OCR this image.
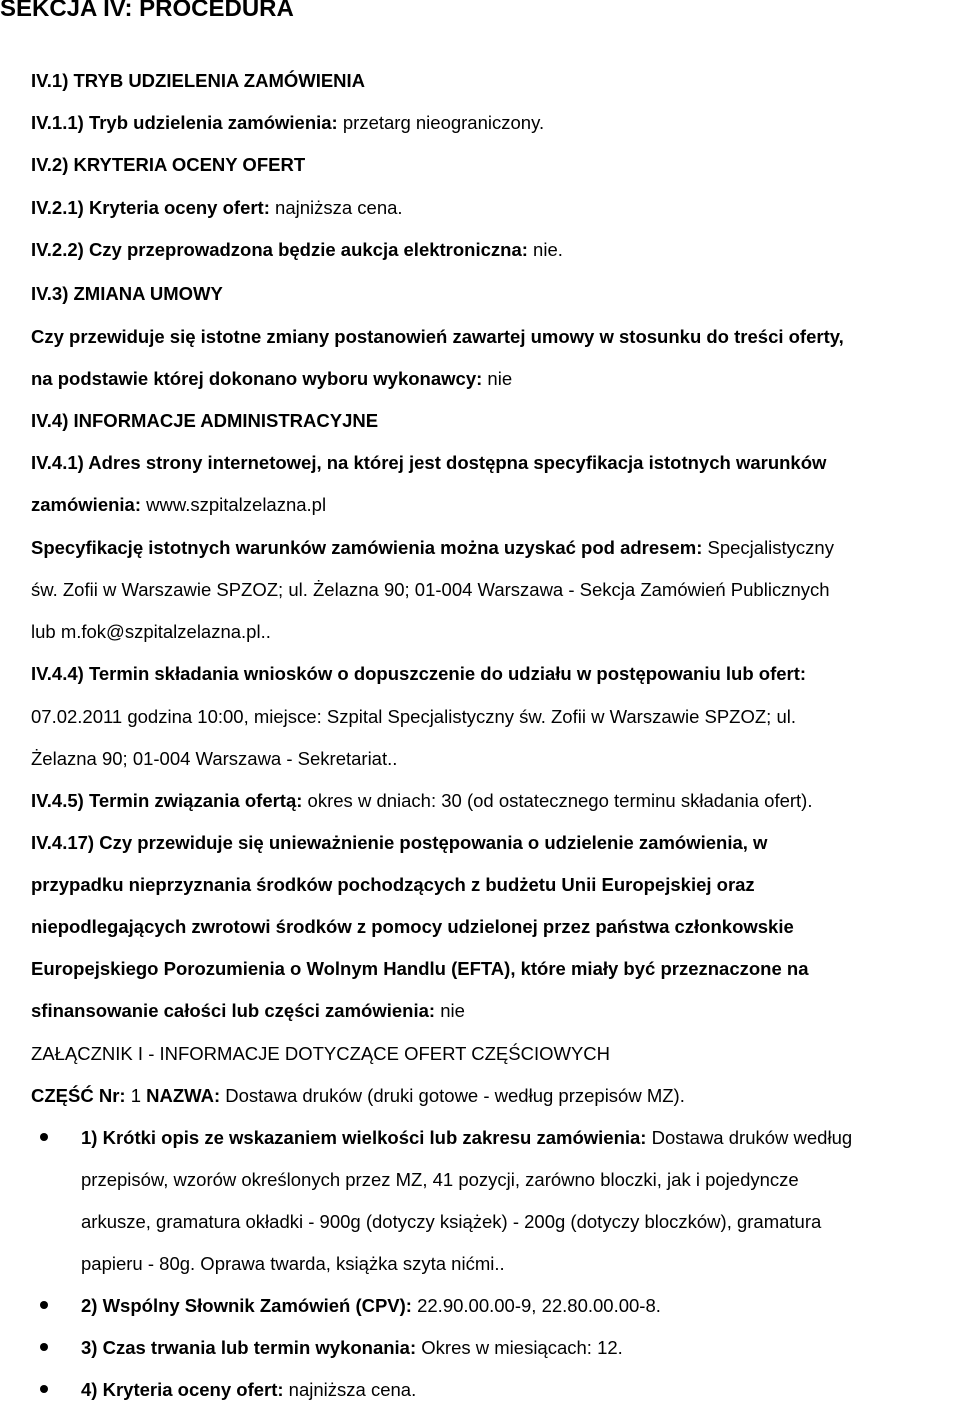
SEKCJA IV: PROCEDURA
IV.1) TRYB UDZIELENIA ZAMÓWIENIA
IV.1.1) Tryb udzielenia zamówienia: przetarg nieograniczony.
IV.2) KRYTERIA OCENY OFERT
IV.2.1) Kryteria oceny ofert: najniższa cena.
IV.2.2) Czy przeprowadzona będzie aukcja elektroniczna: nie.
IV.3) ZMIANA UMOWY
Czy przewiduje się istotne zmiany postanowień zawartej umowy w stosunku do treści oferty,
na podstawie której dokonano wyboru wykonawcy: nie
IV.4) INFORMACJE ADMINISTRACYJNE
IV.4.1) Adres strony internetowej, na której jest dostępna specyfikacja istotnych warunków
zamówienia: www.szpitalzelazna.pl
Specyfikację istotnych warunków zamówienia można uzyskać pod adresem: Specjalistyczny
św. Zofii w Warszawie SPZOZ; ul. Żelazna 90; 01-004 Warszawa - Sekcja Zamówień Publicznych
lub m.fok@szpitalzelazna.pl..
IV.4.4) Termin składania wniosków o dopuszczenie do udziału w postępowaniu lub ofert:
07.02.2011 godzina 10:00, miejsce: Szpital Specjalistyczny św. Zofii w Warszawie SPZOZ; ul.
Żelazna 90; 01-004 Warszawa - Sekretariat..
IV.4.5) Termin związania ofertą: okres w dniach: 30 (od ostatecznego terminu składania ofert).
IV.4.17) Czy przewiduje się unieważnienie postępowania o udzielenie zamówienia, w
przypadku nieprzyznania środków pochodzących z budżetu Unii Europejskiej oraz
niepodlegających zwrotowi środków z pomocy udzielonej przez państwa członkowskie
Europejskiego Porozumienia o Wolnym Handlu (EFTA), które miały być przeznaczone na
sfinansowanie całości lub części zamówienia: nie
ZAŁĄCZNIK I - INFORMACJE DOTYCZĄCE OFERT CZĘŚCIOWYCH
CZĘŚĆ Nr: 1 NAZWA: Dostawa druków (druki gotowe - według przepisów MZ).
1) Krótki opis ze wskazaniem wielkości lub zakresu zamówienia: Dostawa druków według
przepisów, wzorów określonych przez MZ, 41 pozycji, zarówno bloczki, jak i pojedyncze
arkusze, gramatura okładki - 900g (dotyczy książek) - 200g (dotyczy bloczków), gramatura
papieru - 80g. Oprawa twarda, książka szyta nićmi..
2) Wspólny Słownik Zamówień (CPV): 22.90.00.00-9, 22.80.00.00-8.
3) Czas trwania lub termin wykonania: Okres w miesiącach: 12.
4) Kryteria oceny ofert: najniższa cena.
